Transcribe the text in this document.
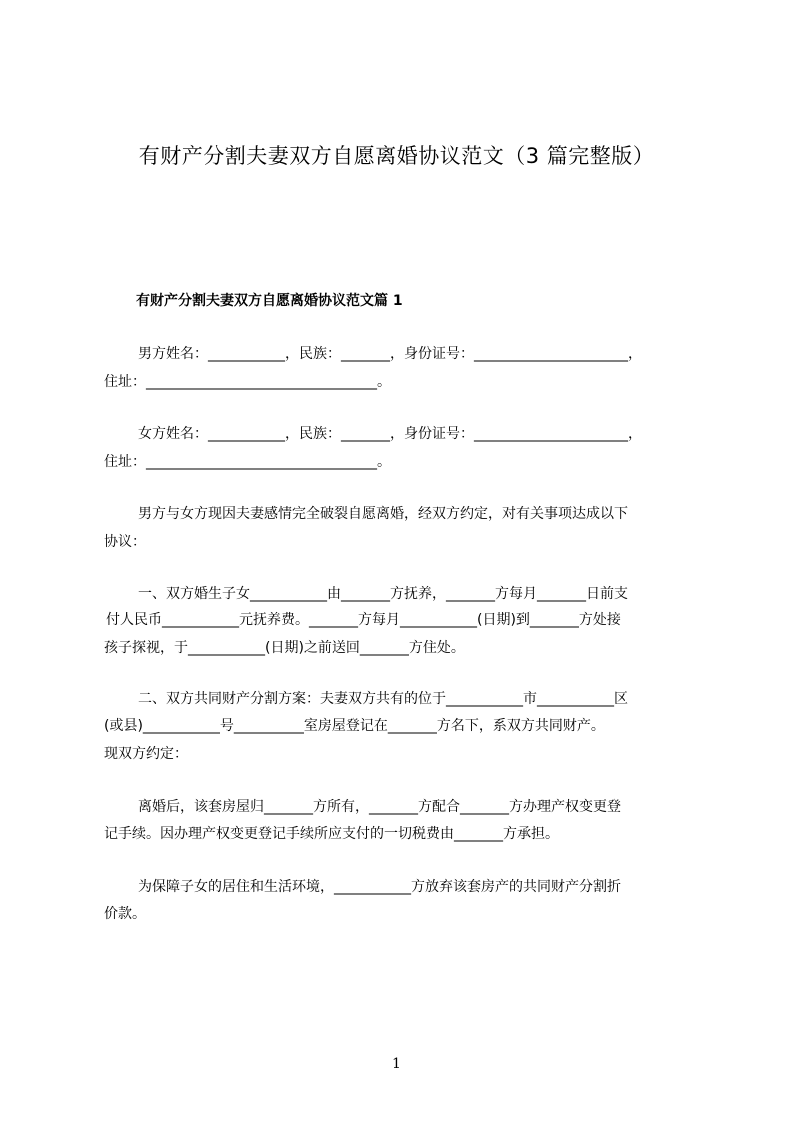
有财产分割夫妻双方自愿离婚协议范文（3 篇完整版）
有财产分割夫妻双方自愿离婚协议范文篇 1
男方姓名：___________，民族：_______，身份证号：______________________，
住址：_________________________________。
女方姓名：___________，民族：_______，身份证号：______________________，
住址：_________________________________。
男方与女方现因夫妻感情完全破裂自愿离婚，经双方约定，对有关事项达成以下
协议：
一、双方婚生子女___________由_______方抚养，_______方每月_______日前支
付人民币___________元抚养费。_______方每月___________(日期)到_______方处接
孩子探视，于___________(日期)之前送回_______方住处。
二、双方共同财产分割方案：夫妻双方共有的位于___________市___________区
(或县)___________号__________室房屋登记在_______方名下，系双方共同财产。
现双方约定：
离婚后，该套房屋归_______方所有，_______方配合_______方办理产权变更登
记手续。因办理产权变更登记手续所应支付的一切税费由_______方承担。
为保障子女的居住和生活环境，___________方放弃该套房产的共同财产分割折
价款。
1
